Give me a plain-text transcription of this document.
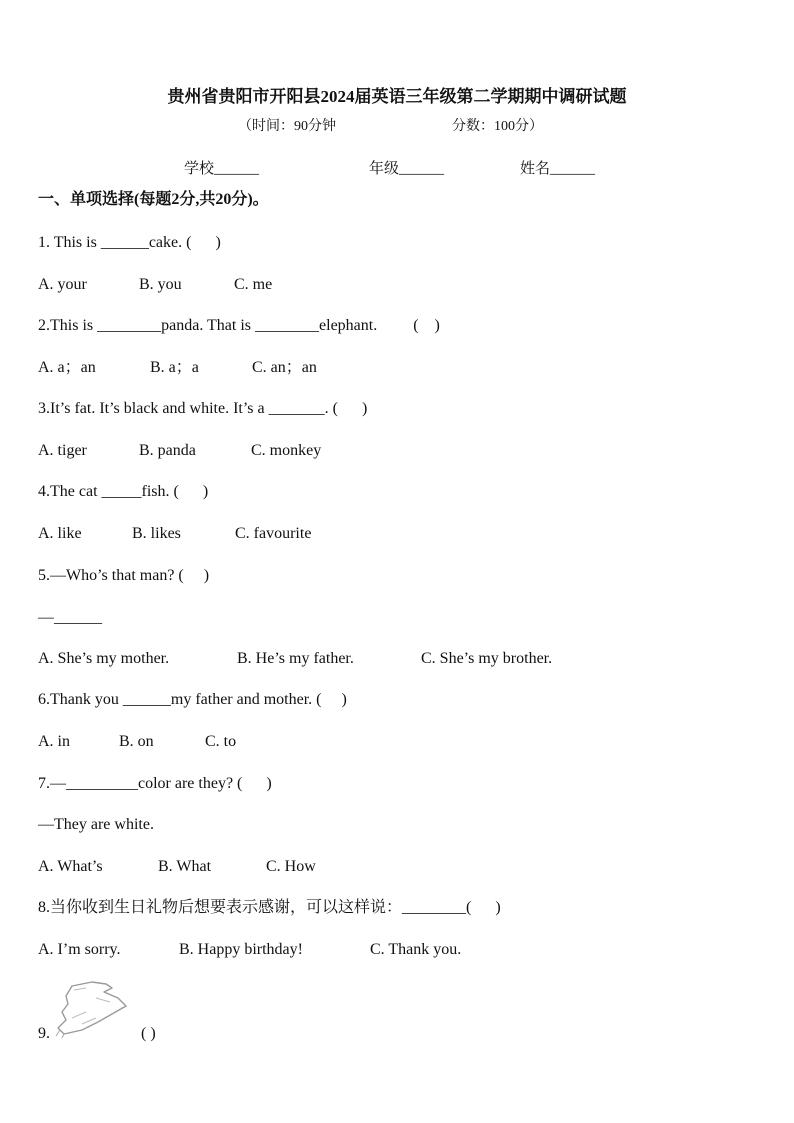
贵州省贵阳市开阳县2024届英语三年级第二学期期中调研试题
（时间：90分钟	分数：100分）
学校______	年级______	姓名______
一、单项选择(每题2分,共20分)。
1. This is ______cake. (      )
A. your	B. you	C. me
2.This is ________panda. That is ________elephant.         (    )
A. a；an	B. a；a	C. an；an
3.It’s fat. It’s black and white. It’s a _______. (      )
A. tiger	B. panda	C. monkey
4.The cat _____fish. (      )
A. like	B. likes	C. favourite
5.—Who’s that man? (     )
—______
A. She’s my mother.	B. He’s my father.	C. She’s my brother.
6.Thank you ______my father and mother. (     )
A. in	B. on	C. to
7.—_________color are they? (      )
—They are white.
A. What’s	B. What	C. How
8.当你收到生日礼物后想要表示感谢，可以这样说：________(      )
A. I’m sorry.	B. Happy birthday!	C. Thank you.
9.	( )
